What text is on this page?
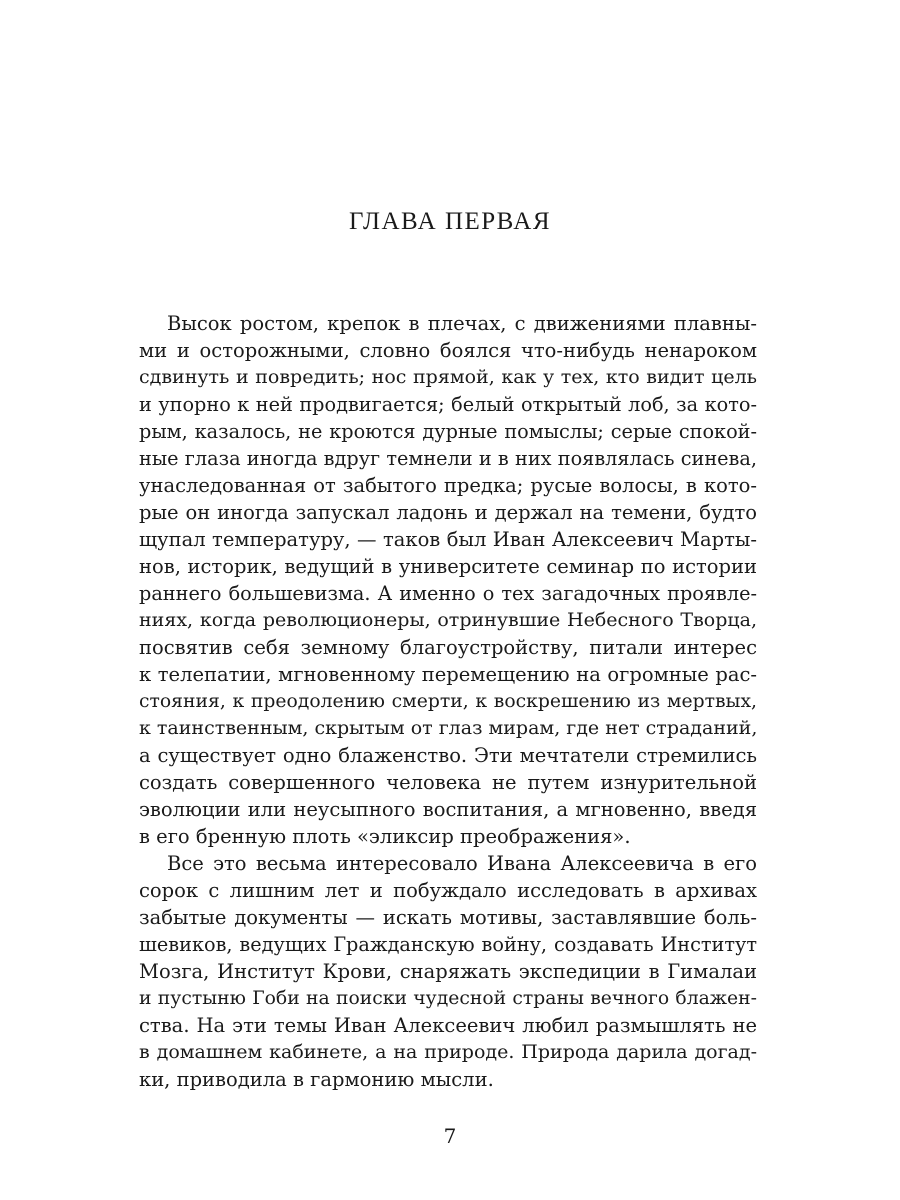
ГЛАВА ПЕРВАЯ
Высок ростом, крепок в плечах, с движениями плавны-
ми и осторожными, словно боялся что-нибудь ненароком
сдвинуть и повредить; нос прямой, как у тех, кто видит цель
и упорно к ней продвигается; белый открытый лоб, за кото-
рым, казалось, не кроются дурные помыслы; серые спокой-
ные глаза иногда вдруг темнели и в них появлялась синева,
унаследованная от забытого предка; русые волосы, в кото-
рые он иногда запускал ладонь и держал на темени, будто
щупал температуру, — таков был Иван Алексеевич Марты-
нов, историк, ведущий в университете семинар по истории
раннего большевизма. А именно о тех загадочных проявле-
ниях, когда революционеры, отринувшие Небесного Творца,
посвятив себя земному благоустройству, питали интерес
к телепатии, мгновенному перемещению на огромные рас-
стояния, к преодолению смерти, к воскрешению из мертвых,
к таинственным, скрытым от глаз мирам, где нет страданий,
а существует одно блаженство. Эти мечтатели стремились
создать совершенного человека не путем изнурительной
эволюции или неусыпного воспитания, а мгновенно, введя
в его бренную плоть «эликсир преображения».
Все это весьма интересовало Ивана Алексеевича в его
сорок с лишним лет и побуждало исследовать в архивах
забытые документы — искать мотивы, заставлявшие боль-
шевиков, ведущих Гражданскую войну, создавать Институт
Мозга, Институт Крови, снаряжать экспедиции в Гималаи
и пустыню Гоби на поиски чудесной страны вечного блажен-
ства. На эти темы Иван Алексеевич любил размышлять не
в домашнем кабинете, а на природе. Природа дарила догад-
ки, приводила в гармонию мысли.
7
